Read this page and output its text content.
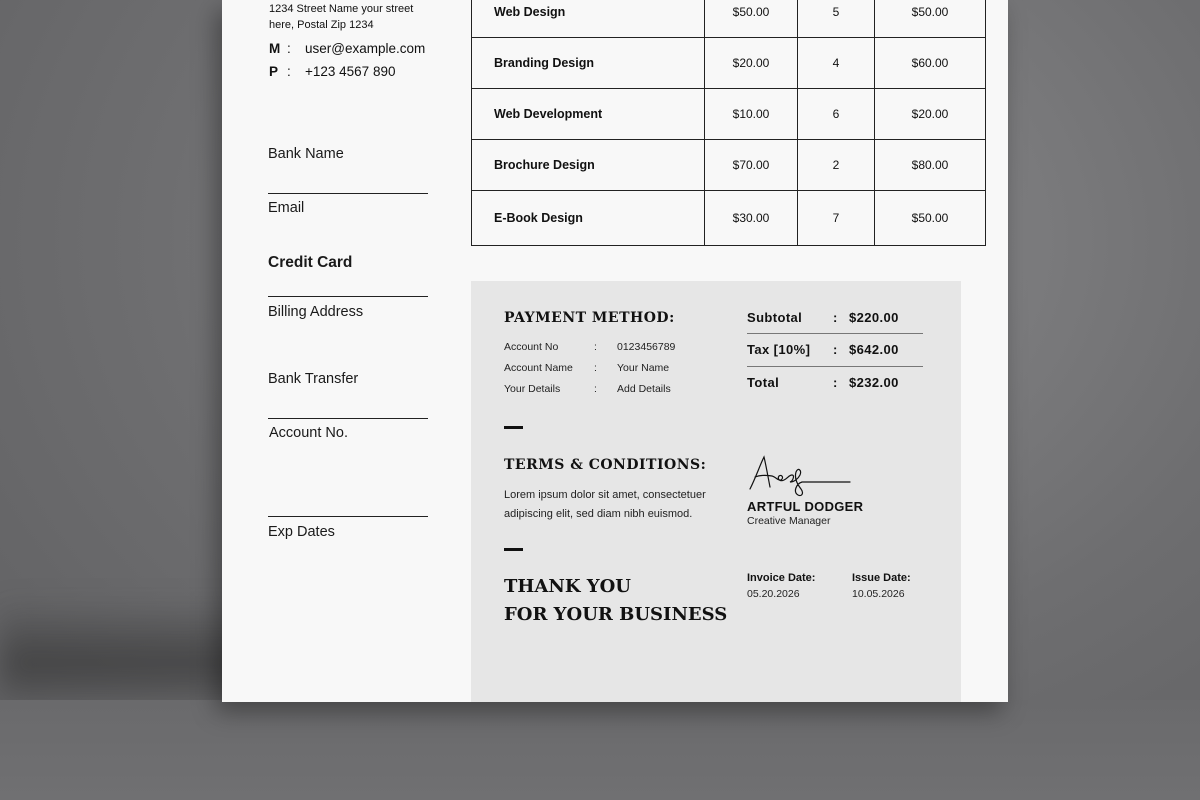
1234 Street Name your street
here, Postal Zip 1234
M : user@example.com
P : +123 4567 890
Bank Name
Email
Credit Card
Billing Address
Bank Transfer
Account No.
Exp Dates
Web Design	$50.00	5	$50.00
Branding Design	$20.00	4	$60.00
Web Development	$10.00	6	$20.00
Brochure Design	$70.00	2	$80.00
E-Book Design	$30.00	7	$50.00
PAYMENT METHOD:
Account No	: 0123456789
Account Name : Your Name
Your Details	: Add Details
TERMS & CONDITIONS:
Lorem ipsum dolor sit amet, consectetuer
adipiscing elit, sed diam nibh euismod.
THANK YOU
FOR YOUR BUSINESS
Subtotal : $220.00
Tax [10%] : $642.00
Total	: $232.00
ARTFUL DODGER
Creative Manager
Invoice Date:
05.20.2026
Issue Date:
10.05.2026
